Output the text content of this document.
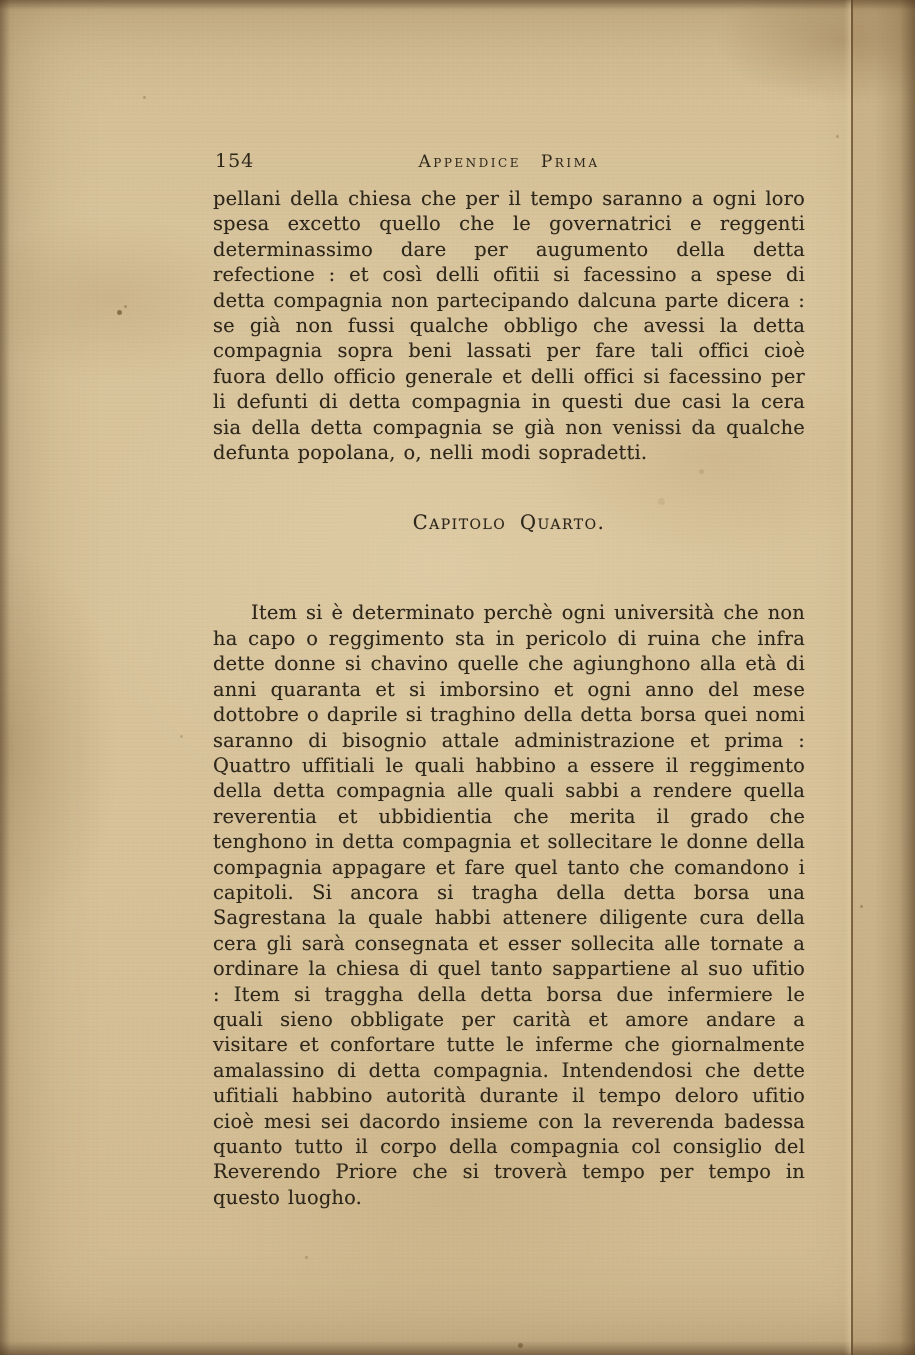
154	Appendice Prima

pellani della chiesa che per il tempo saranno a ogni loro spesa excetto quello che le governatrici e reggenti determinassimo dare per augumento della detta refectione : et così delli ofitii si facessino a spese di detta compagnia non partecipando dalcuna parte dicera : se già non fussi qualche obbligo che avessi la detta compagnia sopra beni lassati per fare tali offici cioè fuora dello officio generale et delli offici si facessino per li defunti di detta compagnia in questi due casi la cera sia della detta compagnia se già non venissi da qualche defunta popolana, o, nelli modi sopradetti.

Capitolo Quarto.

Item si è determinato perchè ogni università che non ha capo o reggimento sta in pericolo di ruina che infra dette donne si chavino quelle che agiunghono alla età di anni quaranta et si imborsino et ogni anno del mese dottobre o daprile si traghino della detta borsa quei nomi saranno di bisognio attale administrazione et prima : Quattro uffitiali le quali habbino a essere il reggimento della detta compagnia alle quali sabbi a rendere quella reverentia et ubbidientia che merita il grado che tenghono in detta compagnia et sollecitare le donne della compagnia appagare et fare quel tanto che comandono i capitoli. Si ancora si tragha della detta borsa una Sagrestana la quale habbi attenere diligente cura della cera gli sarà consegnata et esser sollecita alle tornate a ordinare la chiesa di quel tanto sappartiene al suo ufitio : Item si traggha della detta borsa due infermiere le quali sieno obbligate per carità et amore andare a visitare et confortare tutte le inferme che giornalmente amalassino di detta compagnia. Intendendosi che dette ufitiali habbino autorità durante il tempo deloro ufitio cioè mesi sei dacordo insieme con la reverenda badessa quanto tutto il corpo della compagnia col consiglio del Reverendo Priore che si troverà tempo per tempo in questo luogho.
